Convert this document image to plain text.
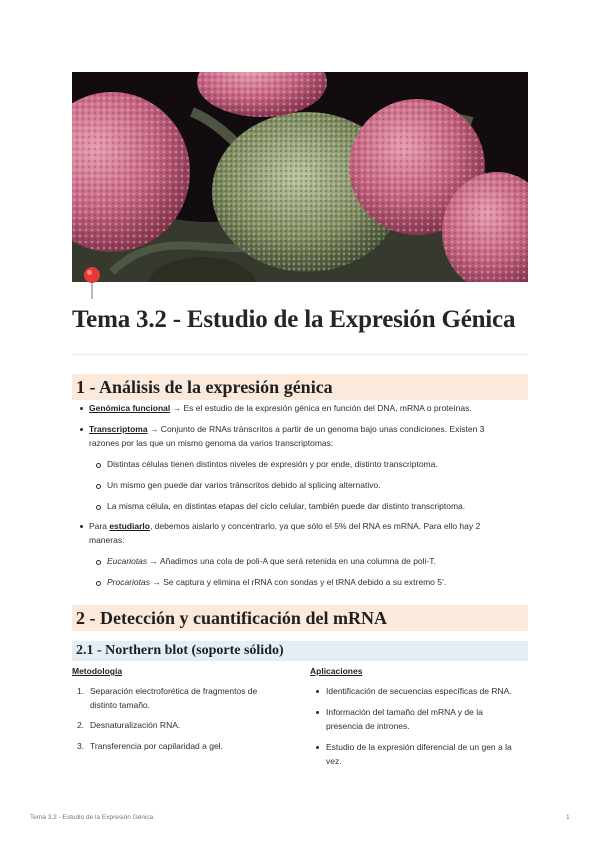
Tema 3.2 - Estudio de la Expresión Génica
1 - Análisis de la expresión génica
Genómica funcional → Es el estudio de la expresión génica en función del DNA, mRNA o proteínas.
Transcriptoma → Conjunto de RNAs tránscritos a partir de un genoma bajo unas condiciones. Existen 3
razones por las que un mismo genoma da varios transcriptomas:
Distintas células tienen distintos niveles de expresión y por ende, distinto transcriptoma.
Un mismo gen puede dar varios tránscritos debido al splicing alternativo.
La misma célula, en distintas etapas del ciclo celular, también puede dar distinto transcriptoma.
Para estudiarlo, debemos aislarlo y concentrarlo, ya que sólo el 5% del RNA es mRNA. Para ello hay 2
maneras:
Eucariotas → Añadimos una cola de poli-A que será retenida en una columna de poli-T.
Procariotas → Se captura y elimina el rRNA con sondas y el tRNA debido a su extremo 5’.
2 - Detección y cuantificación del mRNA
2.1 - Northern blot (soporte sólido)
Metodología	Aplicaciones
1. Separación electroforética de fragmentos de
distinto tamaño.
2. Desnaturalización RNA.
3. Transferencia por capilaridad a gel.
Identificación de secuencias específicas de RNA.
Información del tamaño del mRNA y de la
presencia de intrones.
Estudio de la expresión diferencial de un gen a la
vez.
Tema 3.2 - Estudio de la Expresión Génica	1
